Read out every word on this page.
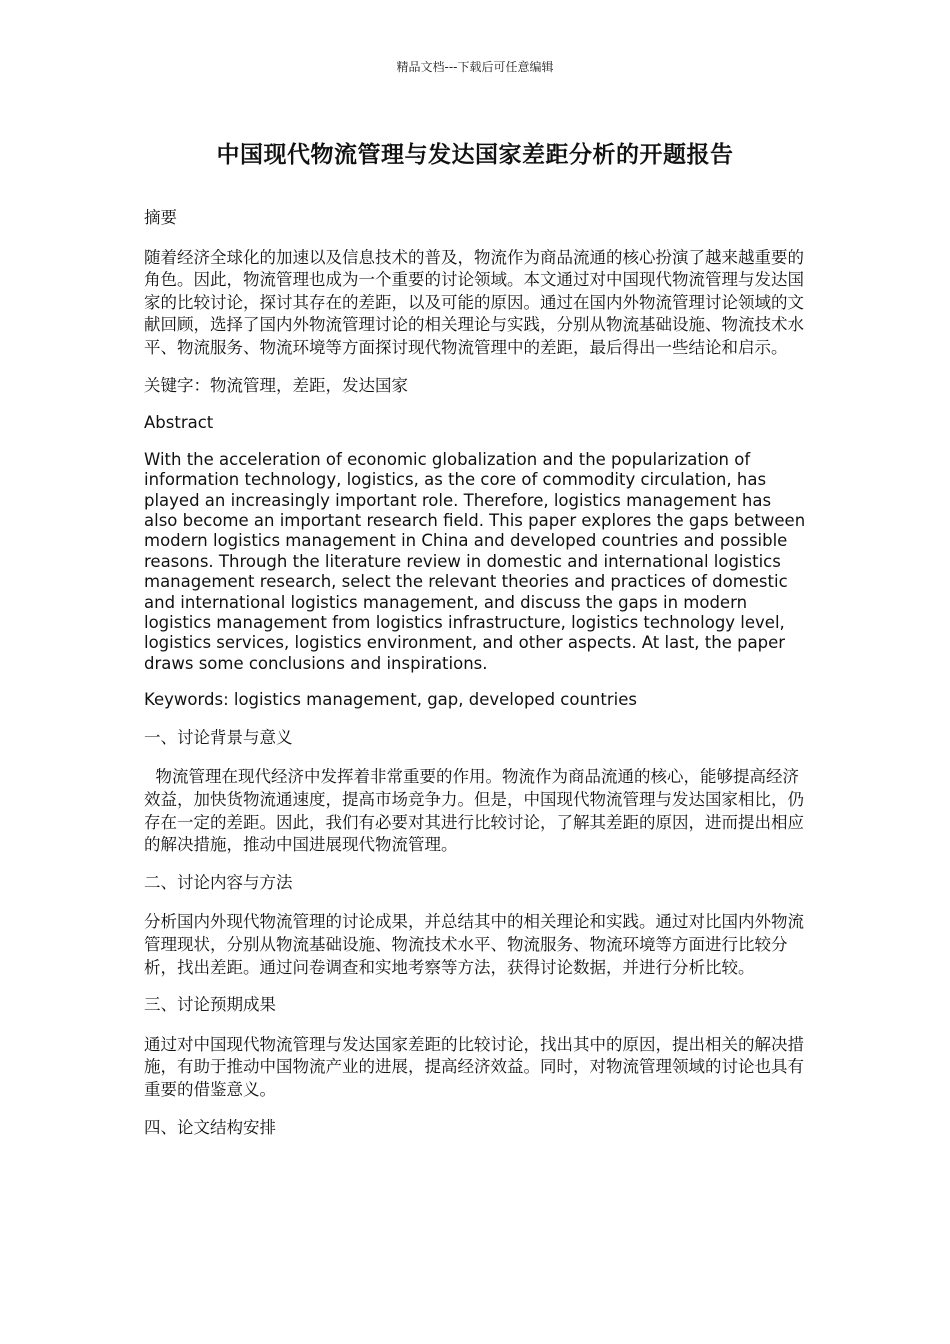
精品文档---下载后可任意编辑
中国现代物流管理与发达国家差距分析的开题报告

摘要

随着经济全球化的加速以及信息技术的普及，物流作为商品流通的核心扮演了越来越重要的角色。因此，物流管理也成为一个重要的讨论领域。本文通过对中国现代物流管理与发达国家的比较讨论，探讨其存在的差距，以及可能的原因。通过在国内外物流管理讨论领域的文献回顾，选择了国内外物流管理讨论的相关理论与实践，分别从物流基础设施、物流技术水平、物流服务、物流环境等方面探讨现代物流管理中的差距，最后得出一些结论和启示。

关键字：物流管理，差距，发达国家

Abstract

With the acceleration of economic globalization and the popularization of information technology, logistics, as the core of commodity circulation, has played an increasingly important role. Therefore, logistics management has also become an important research field. This paper explores the gaps between modern logistics management in China and developed countries and possible reasons. Through the literature review in domestic and international logistics management research, select the relevant theories and practices of domestic and international logistics management, and discuss the gaps in modern logistics management from logistics infrastructure, logistics technology level, logistics services, logistics environment, and other aspects. At last, the paper draws some conclusions and inspirations.

Keywords: logistics management, gap, developed countries

一、讨论背景与意义

物流管理在现代经济中发挥着非常重要的作用。物流作为商品流通的核心，能够提高经济效益，加快货物流通速度，提高市场竞争力。但是，中国现代物流管理与发达国家相比，仍存在一定的差距。因此，我们有必要对其进行比较讨论，了解其差距的原因，进而提出相应的解决措施，推动中国进展现代物流管理。

二、讨论内容与方法

分析国内外现代物流管理的讨论成果，并总结其中的相关理论和实践。通过对比国内外物流管理现状，分别从物流基础设施、物流技术水平、物流服务、物流环境等方面进行比较分析，找出差距。通过问卷调查和实地考察等方法，获得讨论数据，并进行分析比较。

三、讨论预期成果

通过对中国现代物流管理与发达国家差距的比较讨论，找出其中的原因，提出相关的解决措施，有助于推动中国物流产业的进展，提高经济效益。同时，对物流管理领域的讨论也具有重要的借鉴意义。

四、论文结构安排
